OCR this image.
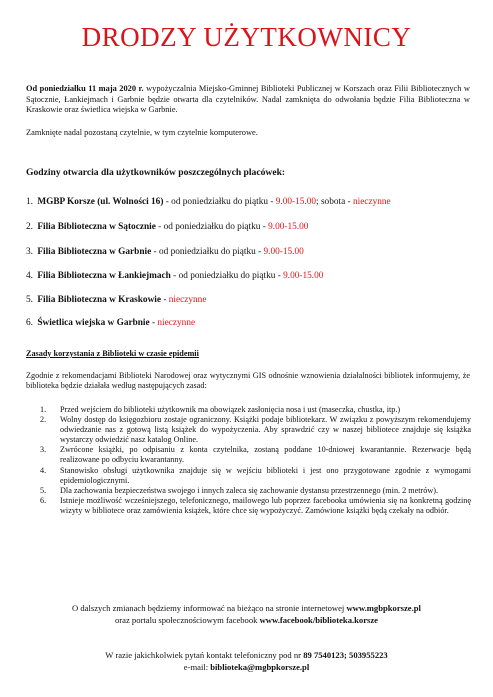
DRODZY UŻYTKOWNICY
Od poniedziałku 11 maja 2020 r. wypożyczalnia Miejsko-Gminnej Biblioteki Publicznej w Korszach oraz Filii Bibliotecznych w Sątocznie, Łankiejmach i Garbnie będzie otwarta dla czytelników. Nadal zamknięta do odwołania będzie Filia Biblioteczna w Kraskowie oraz świetlica wiejska w Garbnie.
Zamknięte nadal pozostaną czytelnie, w tym czytelnie komputerowe.
Godziny otwarcia dla użytkowników poszczególnych placówek:
1. MGBP Korsze (ul. Wolności 16) - od poniedziałku do piątku - 9.00-15.00; sobota - nieczynne
2. Filia Biblioteczna w Sątocznie - od poniedziałku do piątku - 9.00-15.00
3. Filia Biblioteczna w Garbnie - od poniedziałku do piątku - 9.00-15.00
4. Filia Biblioteczna w Łankiejmach - od poniedziałku do piątku - 9.00-15.00
5. Filia Biblioteczna w Kraskowie - nieczynne
6. Świetlica wiejska w Garbnie - nieczynne
Zasady korzystania z Biblioteki w czasie epidemii
Zgodnie z rekomendacjami Biblioteki Narodowej oraz wytycznymi GIS odnośnie wznowienia działalności bibliotek informujemy, że biblioteka będzie działała według następujących zasad:
1. Przed wejściem do biblioteki użytkownik ma obowiązek zasłonięcia nosa i ust (maseczka, chustka, itp.)
2. Wolny dostęp do księgozbioru zostaje ograniczony. Książki podaje bibliotekarz. W związku z powyższym rekomendujemy odwiedzanie nas z gotową listą książek do wypożyczenia. Aby sprawdzić czy w naszej bibliotece znajduje się książka wystarczy odwiedzić nasz katalog Online.
3. Zwrócone książki, po odpisaniu z konta czytelnika, zostaną poddane 10-dniowej kwarantannie. Rezerwacje będą realizowane po odbyciu kwarantanny.
4. Stanowisko obsługi użytkownika znajduje się w wejściu biblioteki i jest ono przygotowane zgodnie z wymogami epidemiologicznymi.
5. Dla zachowania bezpieczeństwa swojego i innych zaleca się zachowanie dystansu przestrzennego (min. 2 metrów).
6. Istnieje możliwość wcześniejszego, telefonicznego, mailowego lub poprzez facebooka umówienia się na konkretną godzinę wizyty w bibliotece oraz zamówienia książek, które chce się wypożyczyć. Zamówione książki będą czekały na odbiór.
O dalszych zmianach będziemy informować na bieżąco na stronie internetowej www.mgbpkorsze.pl
oraz portalu społecznościowym facebook www.facebook/biblioteka.korsze
W razie jakichkolwiek pytań kontakt telefoniczny pod nr 89 7540123; 503955223
e-mail: biblioteka@mgbpkorsze.pl
